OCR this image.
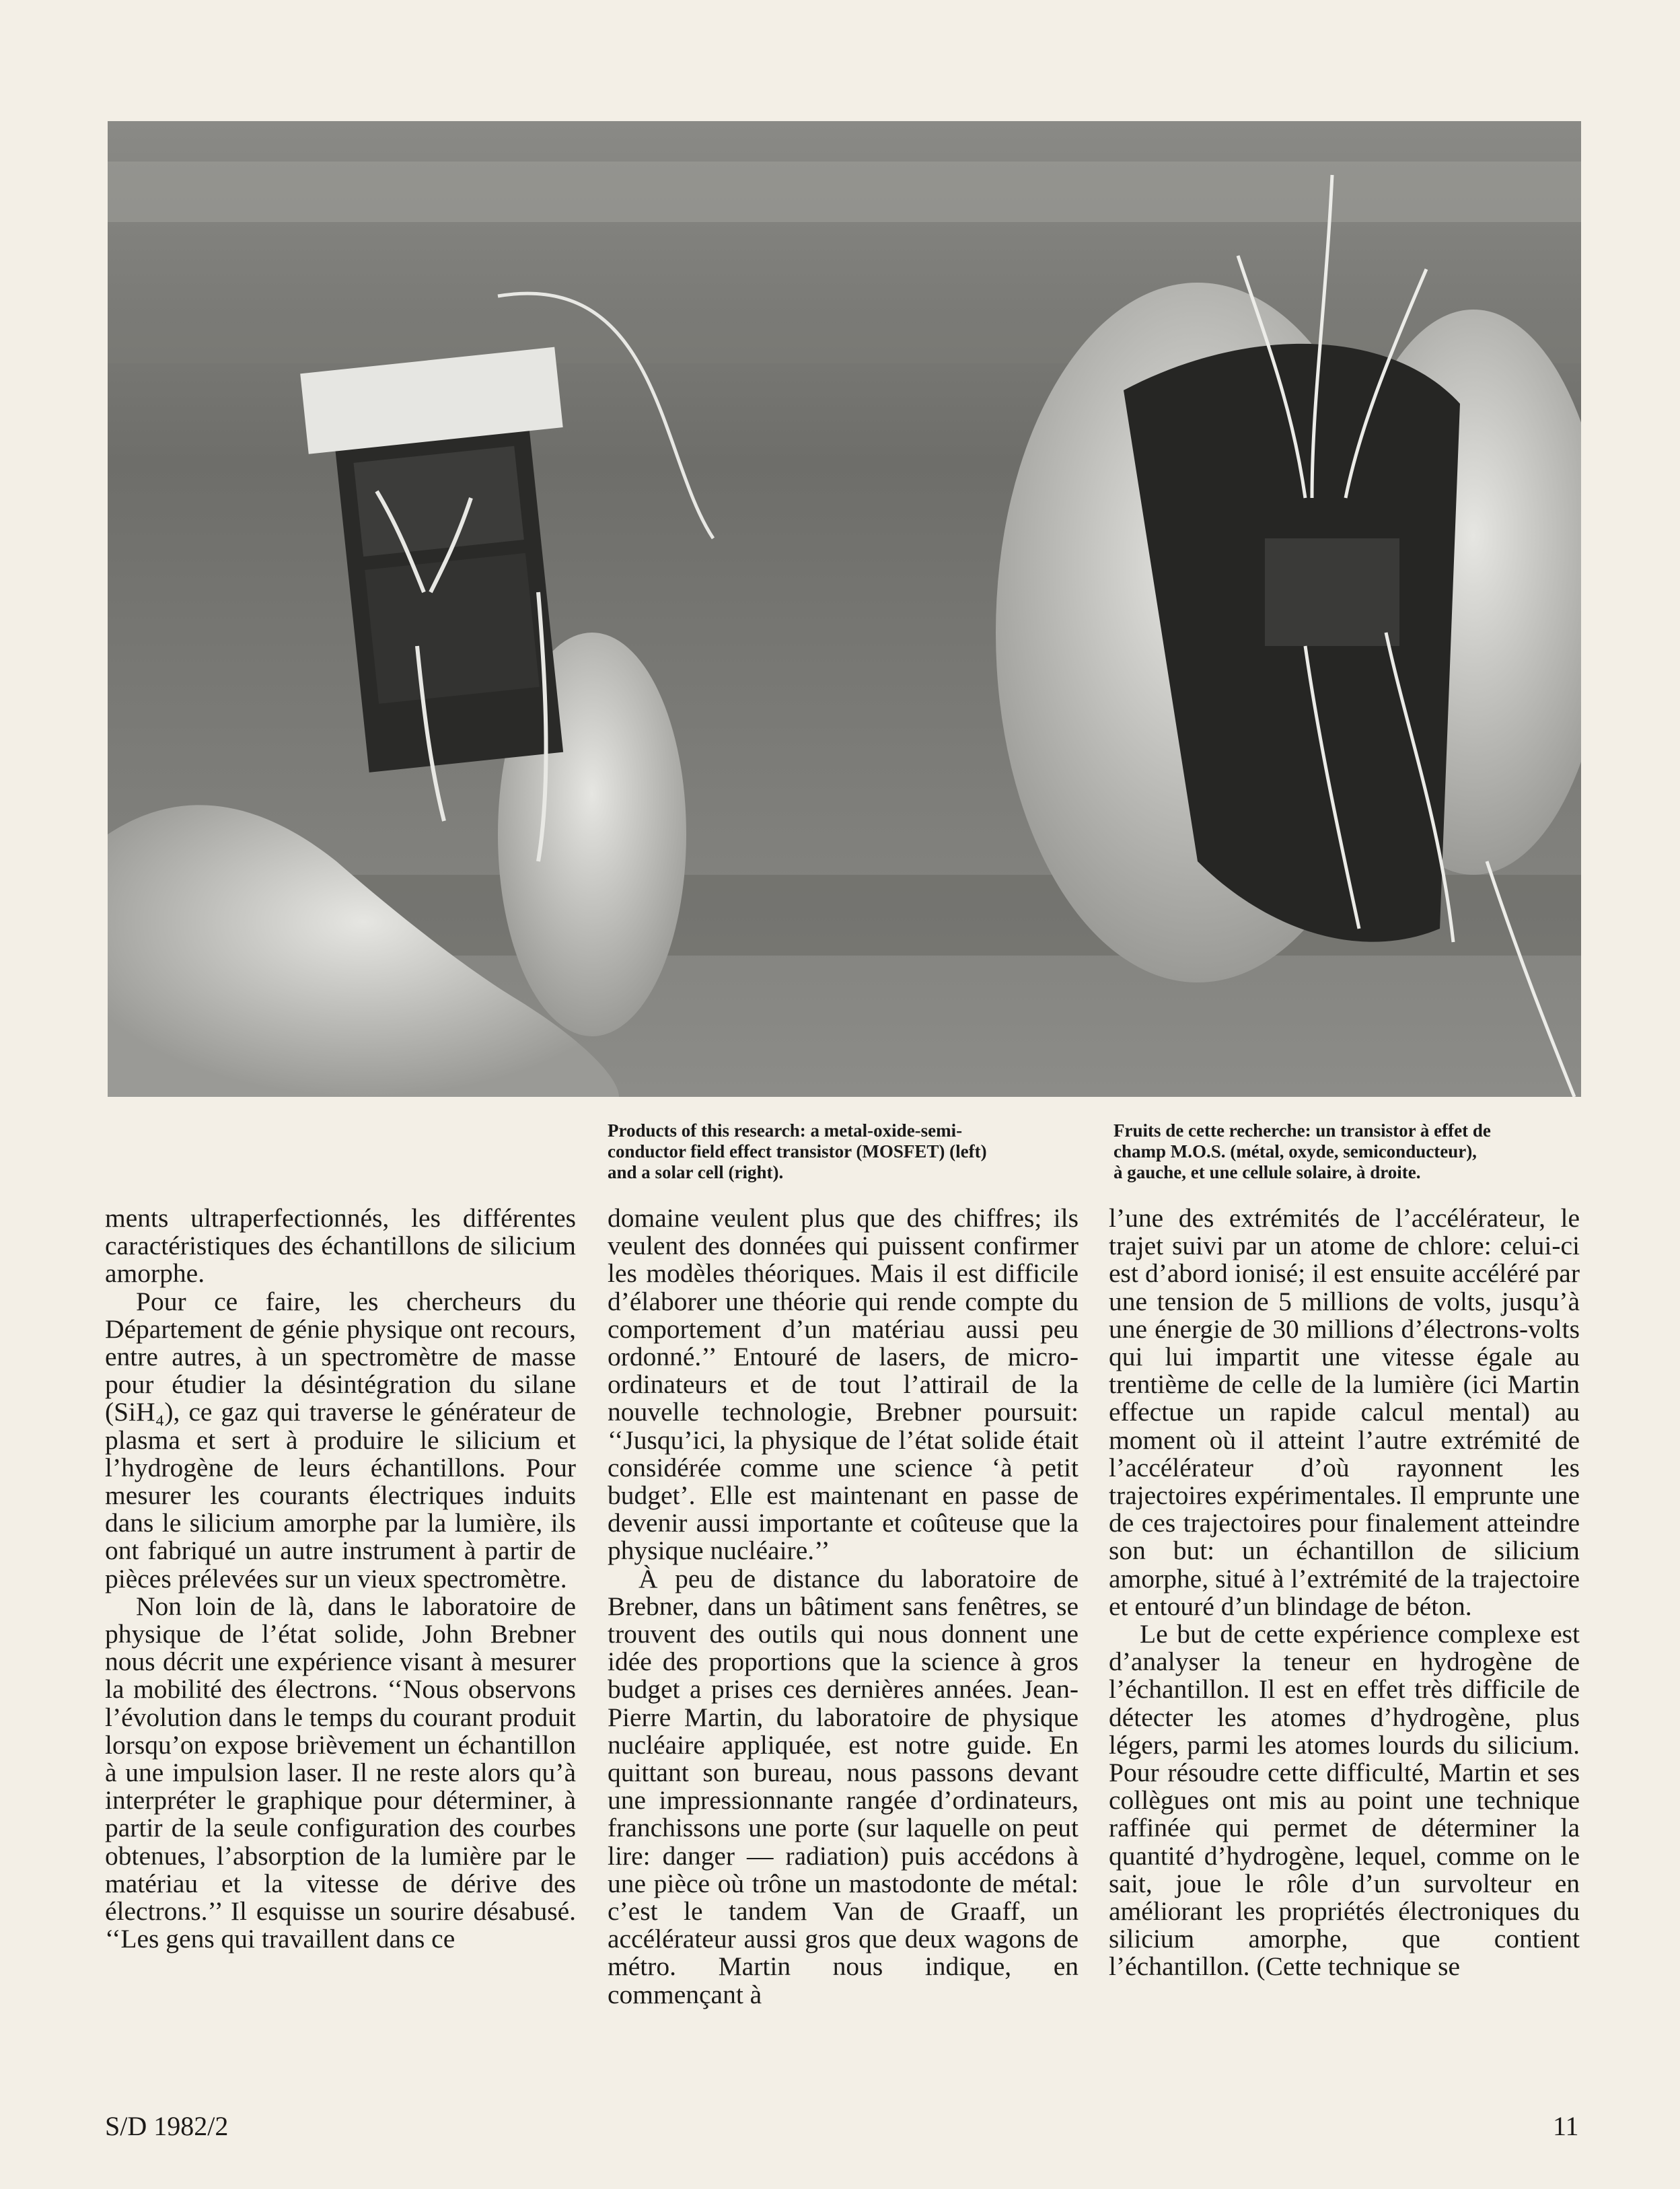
Products of this research: a metal-oxide-semi-

conductor field effect transistor (MOSFET) (left)

and a solar cell (right).

Fruits de cette recherche: un transistor à effet de

champ M.O.S. (métal, oxyde, semiconducteur),

à gauche, et une cellule solaire, à droite.

ments ultraperfectionnés, les différentes caractéristiques des échantillons de silicium amorphe.

Pour ce faire, les chercheurs du Département de génie physique ont recours, entre autres, à un spectromètre de masse pour étudier la désintégration du silane (SiH₄), ce gaz qui traverse le générateur de plasma et sert à produire le silicium et l’hydrogène de leurs échantillons. Pour mesurer les courants électriques induits dans le silicium amorphe par la lumière, ils ont fabriqué un autre instrument à partir de pièces prélevées sur un vieux spectromètre.

Non loin de là, dans le laboratoire de physique de l’état solide, John Brebner nous décrit une expérience visant à mesurer la mobilité des électrons. ‘‘Nous observons l’évolution dans le temps du courant produit lorsqu’on expose brièvement un échantillon à une impulsion laser. Il ne reste alors qu’à interpréter le graphique pour déterminer, à partir de la seule configuration des courbes obtenues, l’absorption de la lumière par le matériau et la vitesse de dérive des électrons.’’ Il esquisse un sourire désabusé. ‘‘Les gens qui travaillent dans ce

domaine veulent plus que des chiffres; ils veulent des données qui puissent confirmer les modèles théoriques. Mais il est difficile d’élaborer une théorie qui rende compte du comportement d’un matériau aussi peu ordonné.’’ Entouré de lasers, de micro-ordinateurs et de tout l’attirail de la nouvelle technologie, Brebner poursuit: ‘‘Jusqu’ici, la physique de l’état solide était considérée comme une science ‘à petit budget’. Elle est maintenant en passe de devenir aussi importante et coûteuse que la physique nucléaire.’’

À peu de distance du laboratoire de Brebner, dans un bâtiment sans fenêtres, se trouvent des outils qui nous donnent une idée des proportions que la science à gros budget a prises ces dernières années. Jean-Pierre Martin, du laboratoire de physique nucléaire appliquée, est notre guide. En quittant son bureau, nous passons devant une impressionnante rangée d’ordinateurs, franchissons une porte (sur laquelle on peut lire: danger — radiation) puis accédons à une pièce où trône un mastodonte de métal: c’est le tandem Van de Graaff, un accélérateur aussi gros que deux wagons de métro. Martin nous indique, en commençant à

l’une des extrémités de l’accélérateur, le trajet suivi par un atome de chlore: celui-ci est d’abord ionisé; il est ensuite accéléré par une tension de 5 millions de volts, jusqu’à une énergie de 30 millions d’électrons-volts qui lui impartit une vitesse égale au trentième de celle de la lumière (ici Martin effectue un rapide calcul mental) au moment où il atteint l’autre extrémité de l’accélérateur d’où rayonnent les trajectoires expérimentales. Il emprunte une de ces trajectoires pour finalement atteindre son but: un échantillon de silicium amorphe, situé à l’extrémité de la trajectoire et entouré d’un blindage de béton.

Le but de cette expérience complexe est d’analyser la teneur en hydrogène de l’échantillon. Il est en effet très difficile de détecter les atomes d’hydrogène, plus légers, parmi les atomes lourds du silicium. Pour résoudre cette difficulté, Martin et ses collègues ont mis au point une technique raffinée qui permet de déterminer la quantité d’hydrogène, lequel, comme on le sait, joue le rôle d’un survolteur en améliorant les propriétés électroniques du silicium amorphe, que contient l’échantillon. (Cette technique se

S/D 1982/2	11
